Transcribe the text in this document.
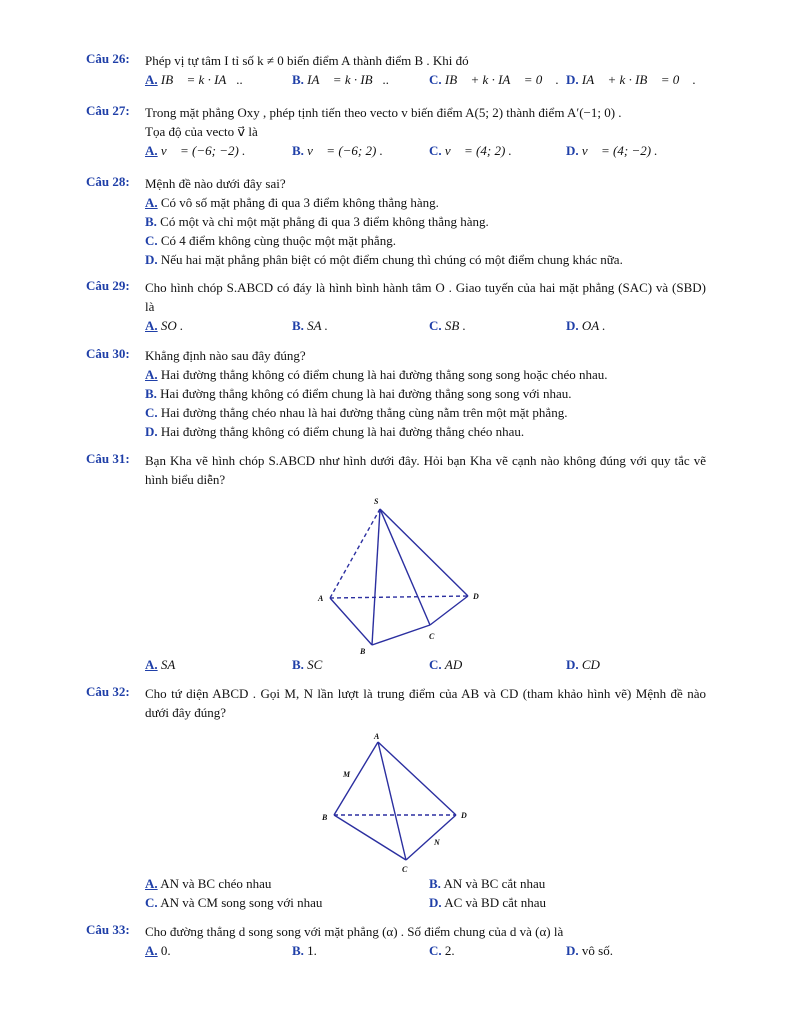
Câu 26: Phép vị tự tâm I tỉ số k ≠ 0 biến điểm A thành điểm B . Khi đó
A. IB⃗ = k · IA⃗..	B. IA⃗ = k · IB⃗..	C. IB⃗ + k · IA⃗ = 0⃗ . D. IA⃗ + k · IB⃗ = 0⃗ .
Câu 27: Trong mặt phẳng Oxy , phép tịnh tiến theo vecto v biến điểm A(5; 2) thành điểm A′(−1; 0) .
Tọa độ của vecto v⃗ là
A. v⃗ = (−6; −2) .	B. v⃗ = (−6; 2) .	C. v⃗ = (4; 2) .	D. v⃗ = (4; −2) .
Câu 28: Mệnh đề nào dưới đây sai?
A. Có vô số mặt phẳng đi qua 3 điểm không thẳng hàng.
B. Có một và chỉ một mặt phẳng đi qua 3 điểm không thẳng hàng.
C. Có 4 điểm không cùng thuộc một mặt phẳng.
D. Nếu hai mặt phẳng phân biệt có một điểm chung thì chúng có một điểm chung khác nữa.
Câu 29: Cho hình chóp S.ABCD có đáy là hình bình hành tâm O . Giao tuyến của hai mặt phẳng (SAC) và (SBD) là
A. SO .	B. SA .	C. SB .	D. OA .
Câu 30: Khẳng định nào sau đây đúng?
A. Hai đường thẳng không có điểm chung là hai đường thẳng song song hoặc chéo nhau.
B. Hai đường thẳng không có điểm chung là hai đường thẳng song song với nhau.
C. Hai đường thẳng chéo nhau là hai đường thẳng cùng nằm trên một mặt phẳng.
D. Hai đường thẳng không có điểm chung là hai đường thẳng chéo nhau.
Câu 31: Bạn Kha vẽ hình chóp S.ABCD như hình dưới đây. Hỏi bạn Kha vẽ cạnh nào không đúng với quy tắc vẽ hình biểu diễn?
S
A
B
C
D
A. SA	B. SC	C. AD	D. CD
Câu 32: Cho tứ diện ABCD . Gọi M, N lần lượt là trung điểm của AB và CD (tham khảo hình vẽ) Mệnh đề nào dưới đây đúng?
A
B
C
D
M
N
A. AN và BC chéo nhau	B. AN và BC cắt nhau
C. AN và CM song song với nhau	D. AC và BD cắt nhau
Câu 33: Cho đường thẳng d song song với mặt phẳng (α) . Số điểm chung của d và (α) là
A. 0.	B. 1.	C. 2.	D. vô số.
